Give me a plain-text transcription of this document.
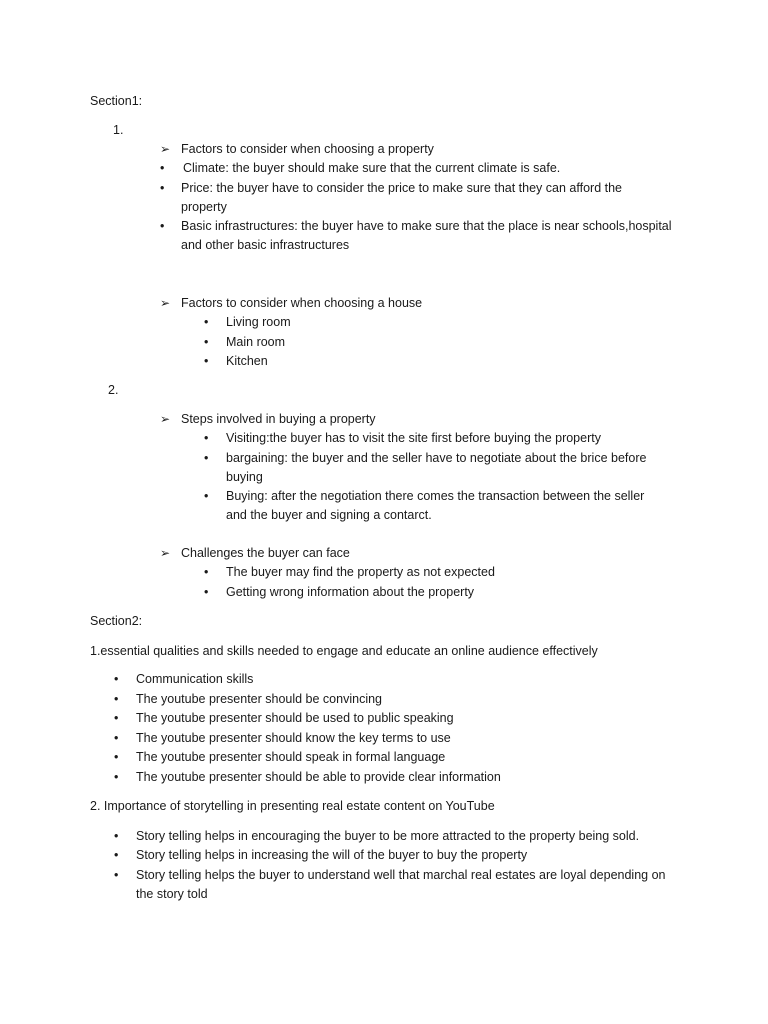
Section1:
1.
➢ Factors to consider when choosing a property
• Climate: the buyer should make sure that the current climate is safe.
• Price: the buyer have to consider the price to make sure that they can afford the
property
• Basic infrastructures: the buyer have to make sure that the place is near schools,hospital
and other basic infrastructures
➢ Factors to consider when choosing a house
• Living room
• Main room
• Kitchen
2.
➢ Steps involved in buying a property
• Visiting:the buyer has to visit the site first before buying the property
• bargaining: the buyer and the seller have to negotiate about the brice before
buying
• Buying: after the negotiation there comes the transaction between the seller
and the buyer and signing a contarct.
➢ Challenges the buyer can face
• The buyer may find the property as not expected
• Getting wrong information about the property
Section2:
1.essential qualities and skills needed to engage and educate an online audience effectively
• Communication skills
• The youtube presenter should be convincing
• The youtube presenter should be used to public speaking
• The youtube presenter should know the key terms to use
• The youtube presenter should speak in formal language
• The youtube presenter should be able to provide clear information
2. Importance of storytelling in presenting real estate content on YouTube
• Story telling helps in encouraging the buyer to be more attracted to the property being sold.
• Story telling helps in increasing the will of the buyer to buy the property
• Story telling helps the buyer to understand well that marchal real estates are loyal depending on
the story told
